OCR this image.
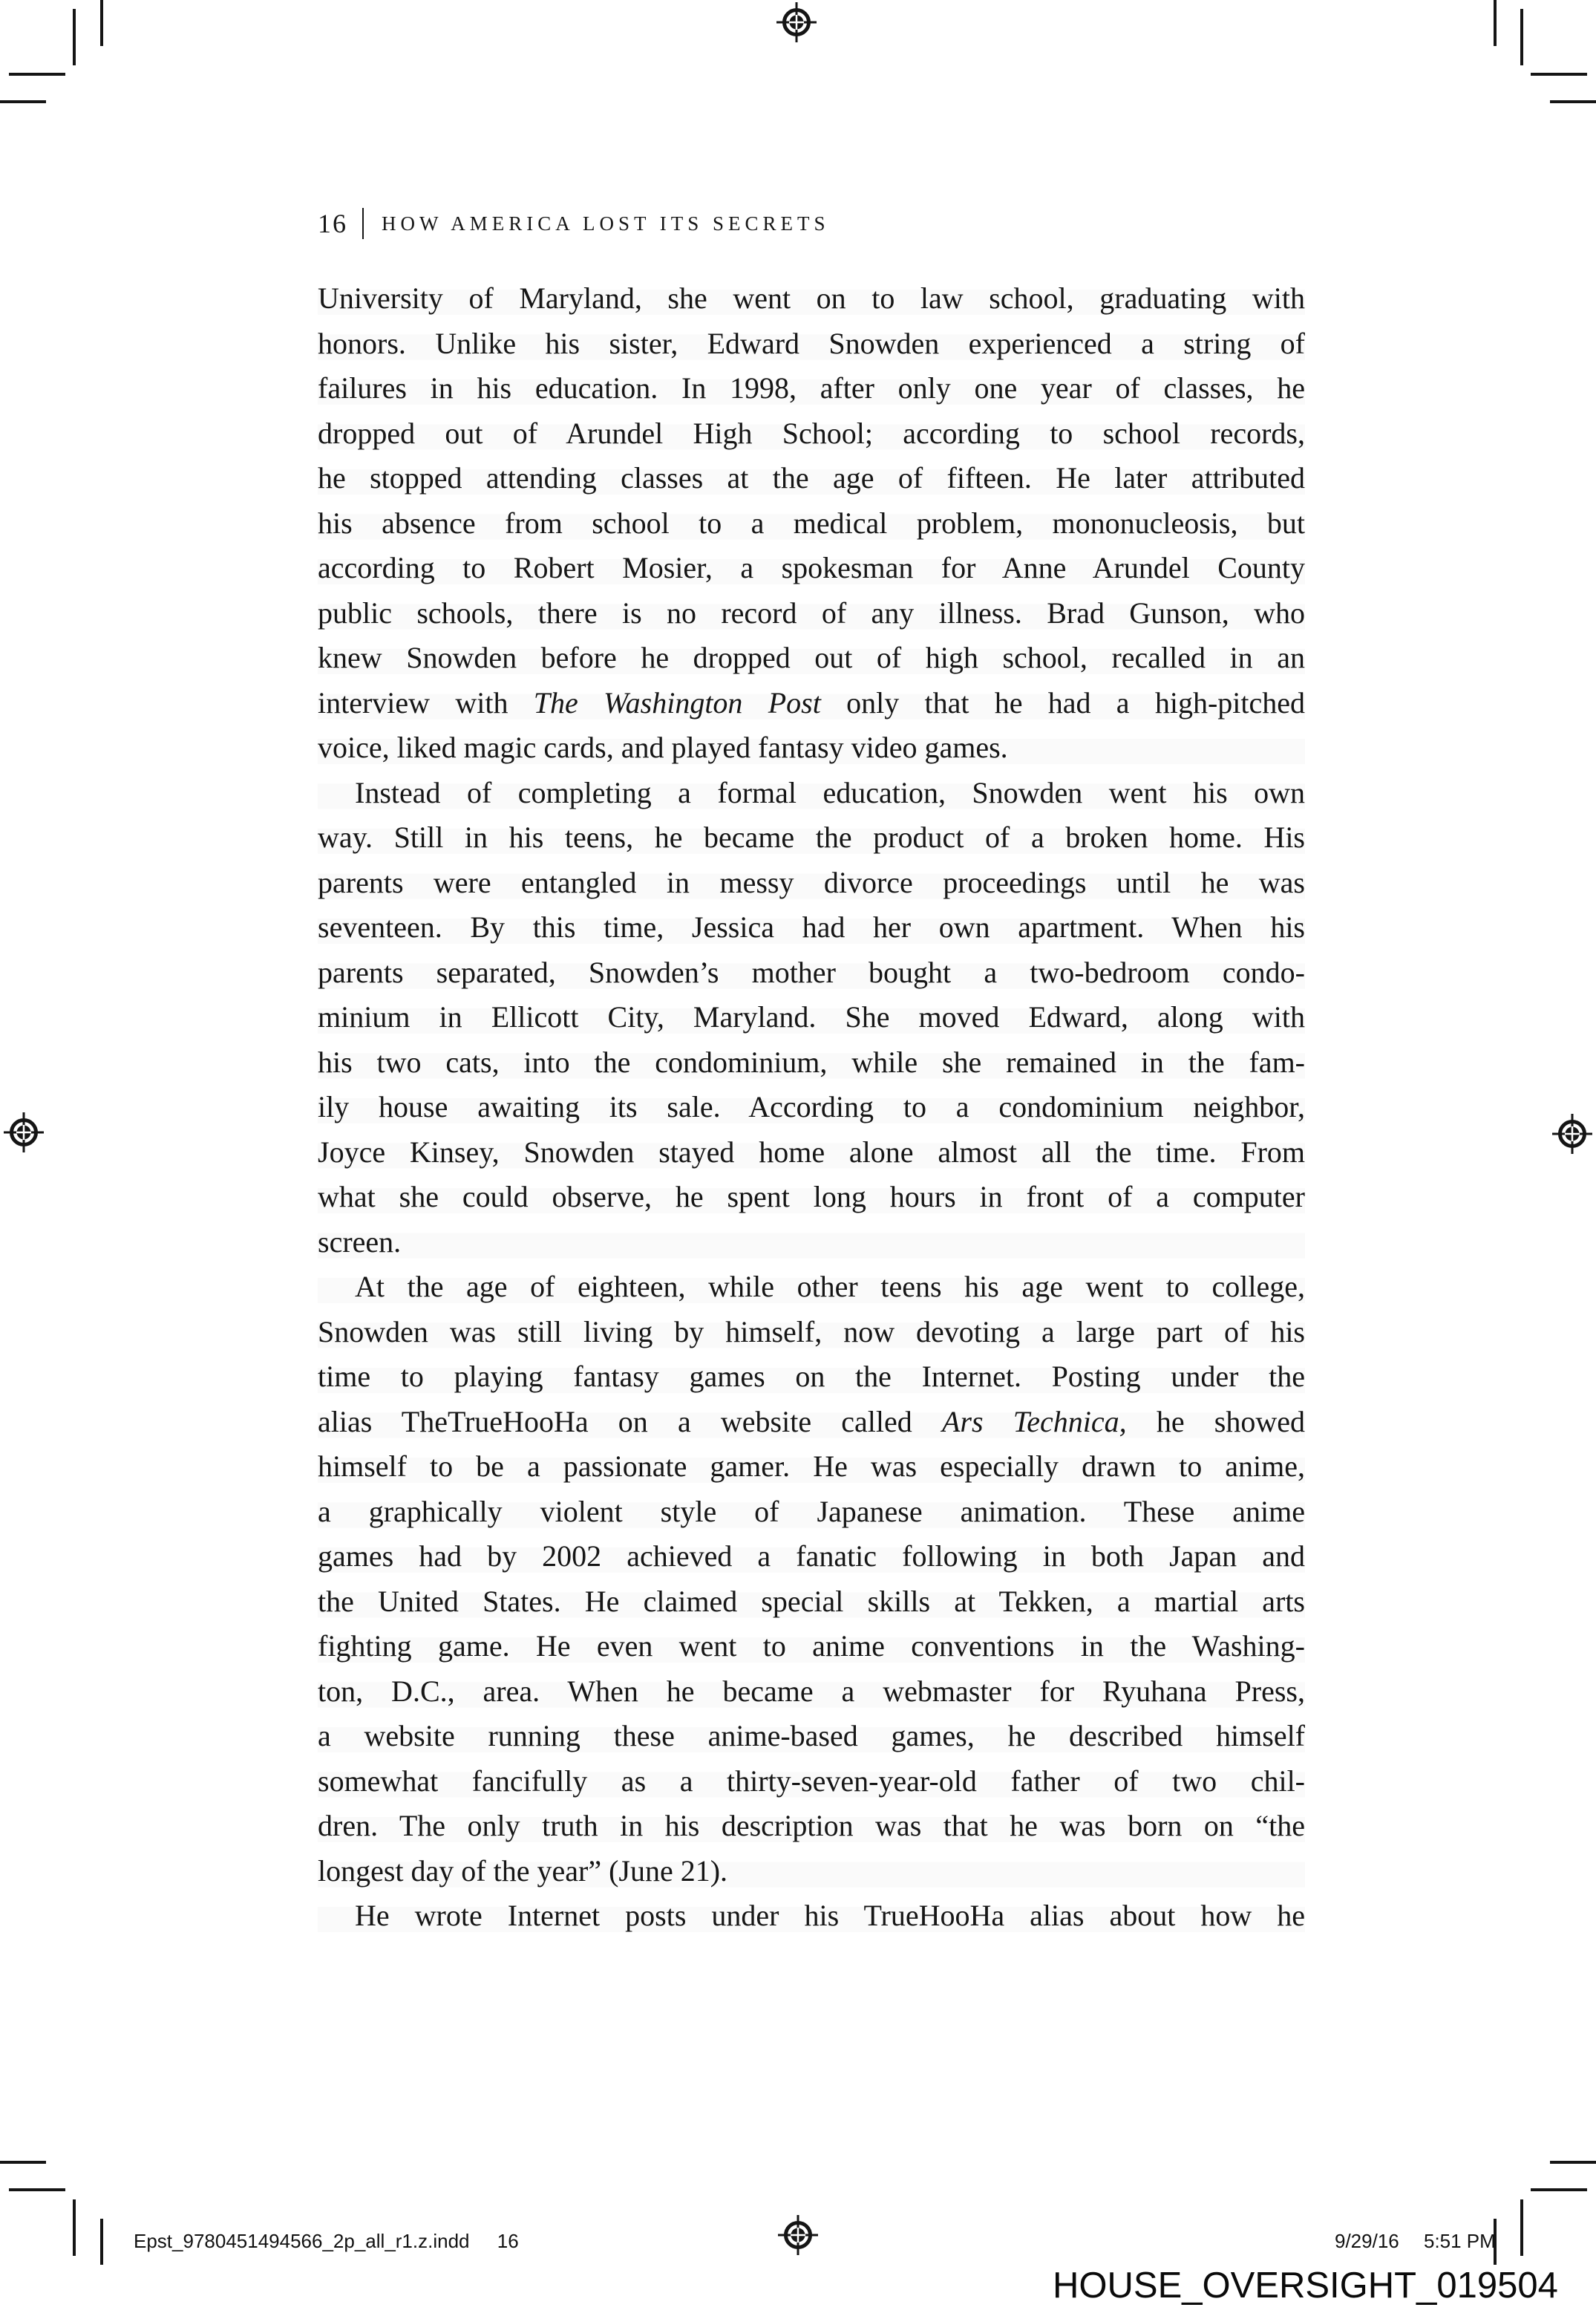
16 HOW AMERICA LOST ITS SECRETS
University of Maryland, she went on to law school, graduating with
honors. Unlike his sister, Edward Snowden experienced a string of
failures in his education. In 1998, after only one year of classes, he
dropped out of Arundel High School; according to school records,
he stopped attending classes at the age of fifteen. He later attributed
his absence from school to a medical problem, mononucleosis, but
according to Robert Mosier, a spokesman for Anne Arundel County
public schools, there is no record of any illness. Brad Gunson, who
knew Snowden before he dropped out of high school, recalled in an
interview with The Washington Post only that he had a high-pitched
voice, liked magic cards, and played fantasy video games.
Instead of completing a formal education, Snowden went his own
way. Still in his teens, he became the product of a broken home. His
parents were entangled in messy divorce proceedings until he was
seventeen. By this time, Jessica had her own apartment. When his
parents separated, Snowden’s mother bought a two-bedroom condo-
minium in Ellicott City, Maryland. She moved Edward, along with
his two cats, into the condominium, while she remained in the fam-
ily house awaiting its sale. According to a condominium neighbor,
Joyce Kinsey, Snowden stayed home alone almost all the time. From
what she could observe, he spent long hours in front of a computer
screen.
At the age of eighteen, while other teens his age went to college,
Snowden was still living by himself, now devoting a large part of his
time to playing fantasy games on the Internet. Posting under the
alias TheTrueHooHa on a website called Ars Technica, he showed
himself to be a passionate gamer. He was especially drawn to anime,
a graphically violent style of Japanese animation. These anime
games had by 2002 achieved a fanatic following in both Japan and
the United States. He claimed special skills at Tekken, a martial arts
fighting game. He even went to anime conventions in the Washing-
ton, D.C., area. When he became a webmaster for Ryuhana Press,
a website running these anime-based games, he described himself
somewhat fancifully as a thirty-seven-year-old father of two chil-
dren. The only truth in his description was that he was born on “the
longest day of the year” (June 21).
He wrote Internet posts under his TrueHooHa alias about how he
Epst_9780451494566_2p_all_r1.z.indd 16	9/29/16 5:51 PM
HOUSE_OVERSIGHT_019504
